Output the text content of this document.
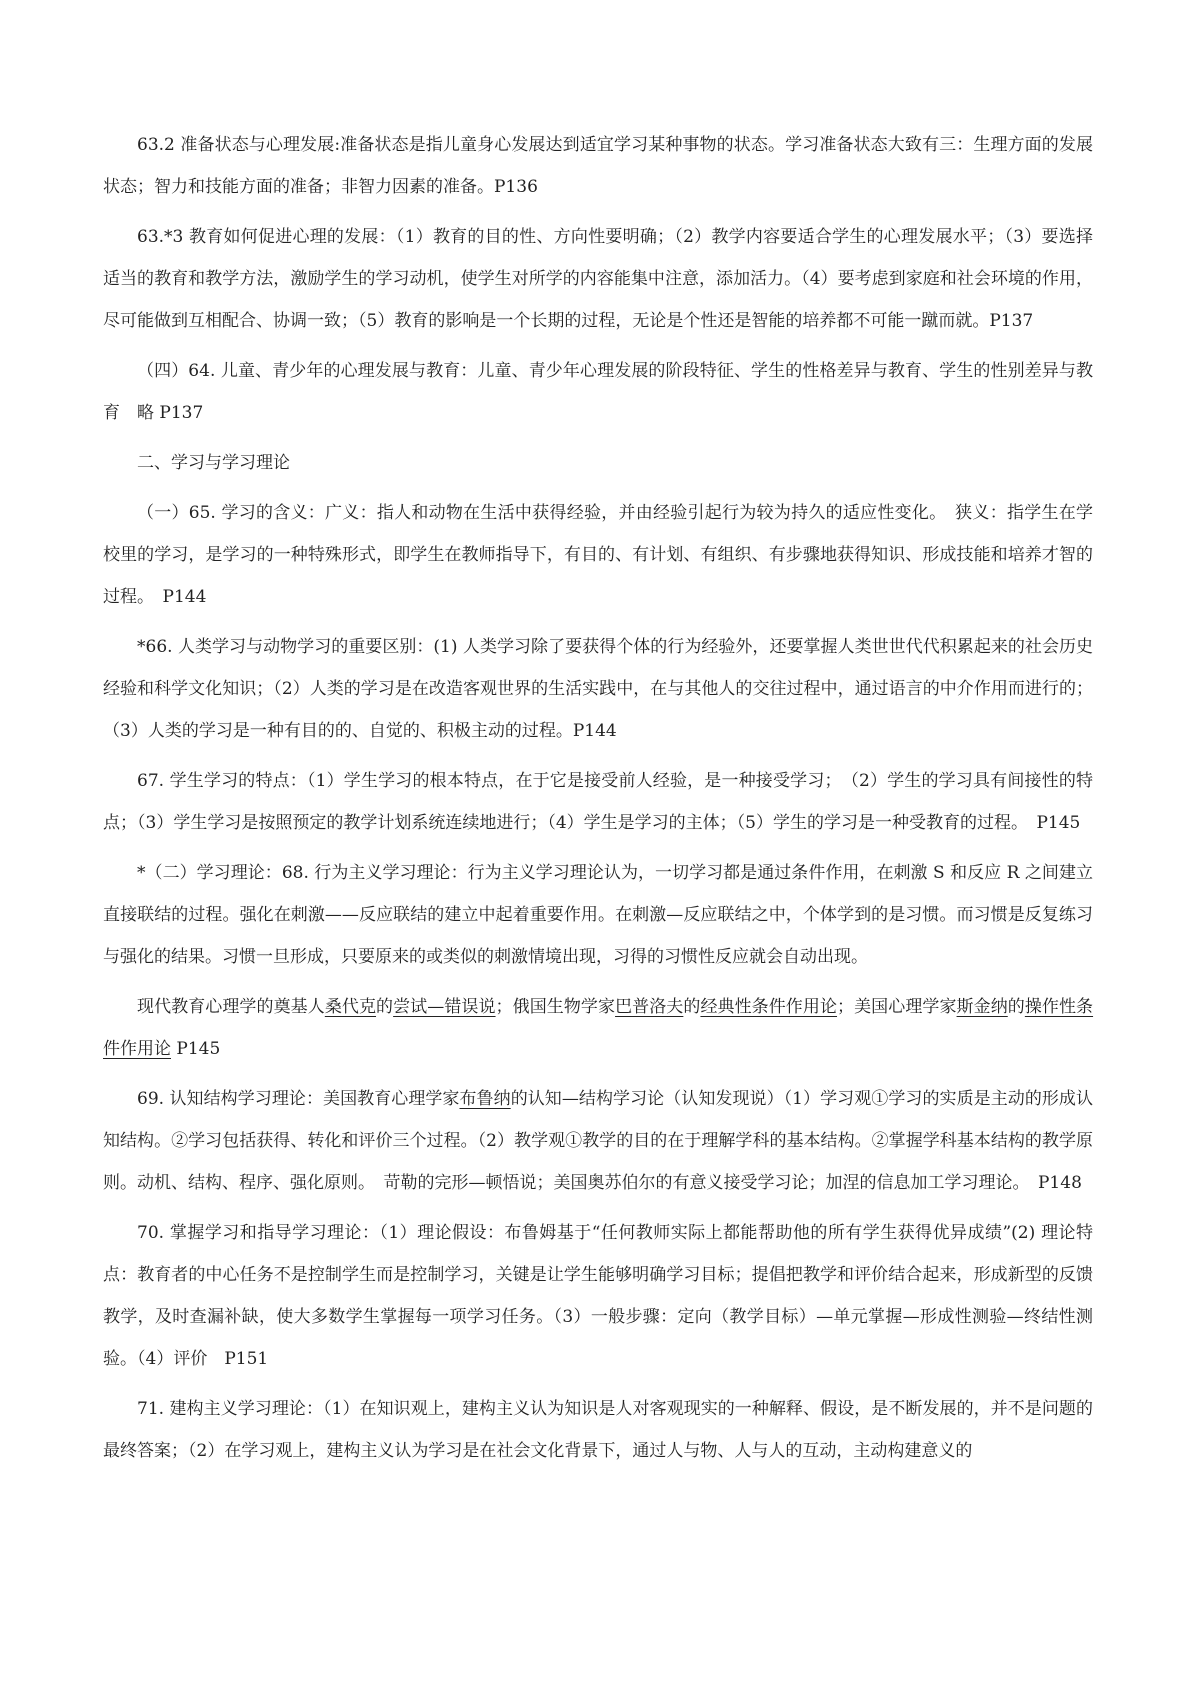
63.2 准备状态与心理发展:准备状态是指儿童身心发展达到适宜学习某种事物的状态。学习准备状态大致有三：生理方面的发展状态；智力和技能方面的准备；非智力因素的准备。P136

63.*3 教育如何促进心理的发展：（1）教育的目的性、方向性要明确；（2）教学内容要适合学生的心理发展水平；（3）要选择适当的教育和教学方法，激励学生的学习动机，使学生对所学的内容能集中注意，添加活力。（4）要考虑到家庭和社会环境的作用，尽可能做到互相配合、协调一致；（5）教育的影响是一个长期的过程，无论是个性还是智能的培养都不可能一蹴而就。P137

（四）64. 儿童、青少年的心理发展与教育：儿童、青少年心理发展的阶段特征、学生的性格差异与教育、学生的性别差异与教育　略 P137

二、学习与学习理论

（一）65. 学习的含义：广义：指人和动物在生活中获得经验，并由经验引起行为较为持久的适应性变化。　狭义：指学生在学校里的学习，是学习的一种特殊形式，即学生在教师指导下，有目的、有计划、有组织、有步骤地获得知识、形成技能和培养才智的过程。　P144

*66. 人类学习与动物学习的重要区别：(1) 人类学习除了要获得个体的行为经验外，还要掌握人类世世代代积累起来的社会历史经验和科学文化知识；（2）人类的学习是在改造客观世界的生活实践中，在与其他人的交往过程中，通过语言的中介作用而进行的；（3）人类的学习是一种有目的的、自觉的、积极主动的过程。P144

67. 学生学习的特点：（1）学生学习的根本特点，在于它是接受前人经验，是一种接受学习；　（2）学生的学习具有间接性的特点；（3）学生学习是按照预定的教学计划系统连续地进行；（4）学生是学习的主体；（5）学生的学习是一种受教育的过程。　P145

*（二）学习理论：68. 行为主义学习理论：行为主义学习理论认为，一切学习都是通过条件作用，在刺激 S 和反应 R 之间建立直接联结的过程。强化在刺激——反应联结的建立中起着重要作用。在刺激—反应联结之中，个体学到的是习惯。而习惯是反复练习与强化的结果。习惯一旦形成，只要原来的或类似的刺激情境出现，习得的习惯性反应就会自动出现。

现代教育心理学的奠基人桑代克的尝试—错误说；俄国生物学家巴普洛夫的经典性条件作用论；美国心理学家斯金纳的操作性条件作用论 P145

69. 认知结构学习理论：美国教育心理学家布鲁纳的认知—结构学习论（认知发现说）（1）学习观①学习的实质是主动的形成认知结构。②学习包括获得、转化和评价三个过程。（2）教学观①教学的目的在于理解学科的基本结构。②掌握学科基本结构的教学原则。动机、结构、程序、强化原则。　苛勒的完形—顿悟说；美国奥苏伯尔的有意义接受学习论；加涅的信息加工学习理论。　P148

70. 掌握学习和指导学习理论：（1）理论假设：布鲁姆基于“任何教师实际上都能帮助他的所有学生获得优异成绩”(2) 理论特点：教育者的中心任务不是控制学生而是控制学习，关键是让学生能够明确学习目标；提倡把教学和评价结合起来，形成新型的反馈教学，及时查漏补缺，使大多数学生掌握每一项学习任务。（3）一般步骤：定向（教学目标）—单元掌握—形成性测验—终结性测验。（4）评价　P151

71. 建构主义学习理论：（1）在知识观上，建构主义认为知识是人对客观现实的一种解释、假设，是不断发展的，并不是问题的最终答案；（2）在学习观上，建构主义认为学习是在社会文化背景下，通过人与物、人与人的互动，主动构建意义的
